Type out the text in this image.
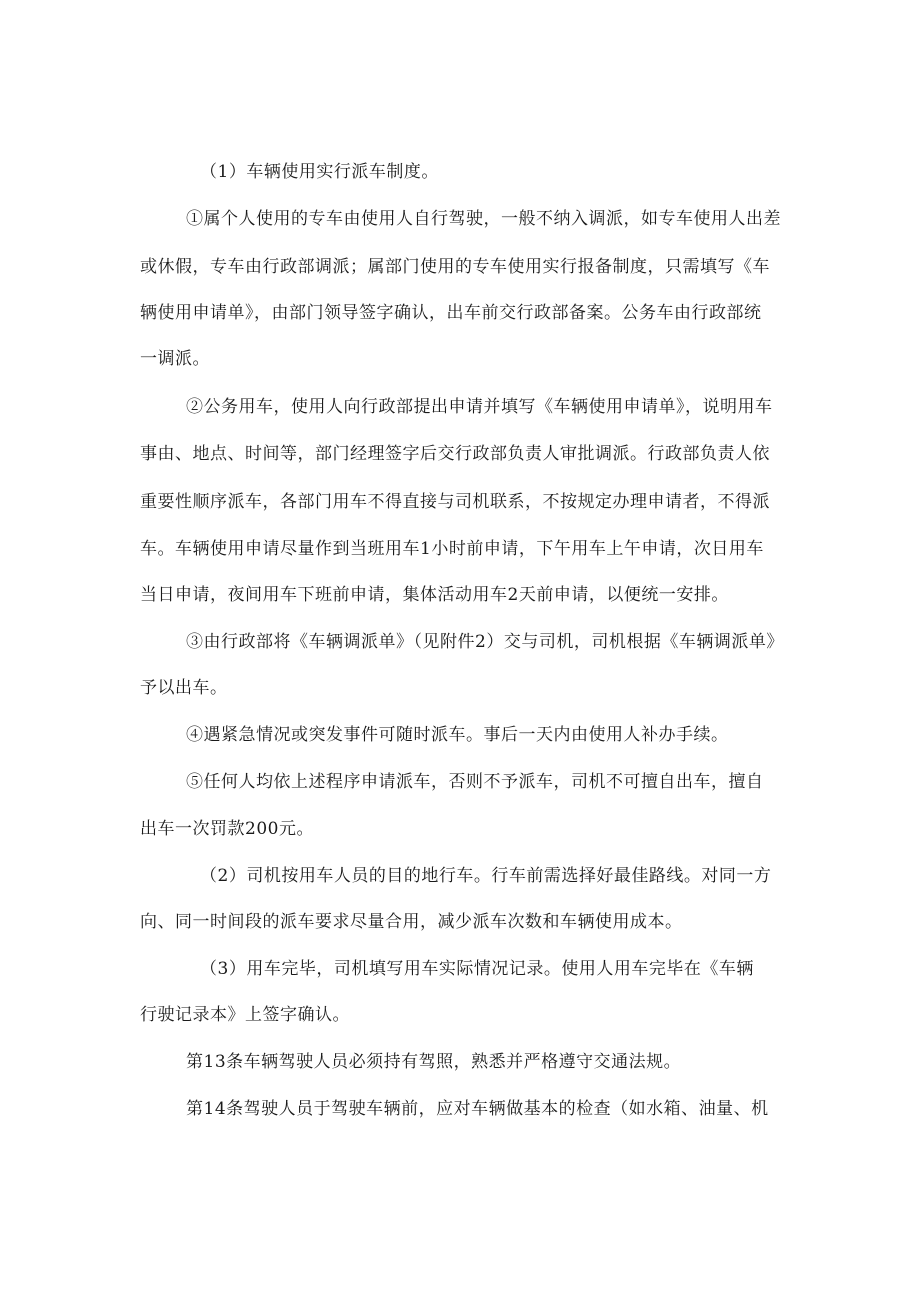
（1）车辆使用实行派车制度。
①属个人使用的专车由使用人自行驾驶，一般不纳入调派，如专车使用人出差
或休假，专车由行政部调派；属部门使用的专车使用实行报备制度，只需填写《车
辆使用申请单》，由部门领导签字确认，出车前交行政部备案。公务车由行政部统
一调派。
②公务用车，使用人向行政部提出申请并填写《车辆使用申请单》，说明用车
事由、地点、时间等，部门经理签字后交行政部负责人审批调派。行政部负责人依
重要性顺序派车，各部门用车不得直接与司机联系，不按规定办理申请者，不得派
车。车辆使用申请尽量作到当班用车1小时前申请，下午用车上午申请，次日用车
当日申请，夜间用车下班前申请，集体活动用车2天前申请，以便统一安排。
③由行政部将《车辆调派单》（见附件2）交与司机，司机根据《车辆调派单》
予以出车。
④遇紧急情况或突发事件可随时派车。事后一天内由使用人补办手续。
⑤任何人均依上述程序申请派车，否则不予派车，司机不可擅自出车，擅自
出车一次罚款200元。
（2）司机按用车人员的目的地行车。行车前需选择好最佳路线。对同一方
向、同一时间段的派车要求尽量合用，减少派车次数和车辆使用成本。
（3）用车完毕，司机填写用车实际情况记录。使用人用车完毕在《车辆
行驶记录本》上签字确认。
第13条车辆驾驶人员必须持有驾照，熟悉并严格遵守交通法规。
第14条驾驶人员于驾驶车辆前，应对车辆做基本的检查（如水箱、油量、机
